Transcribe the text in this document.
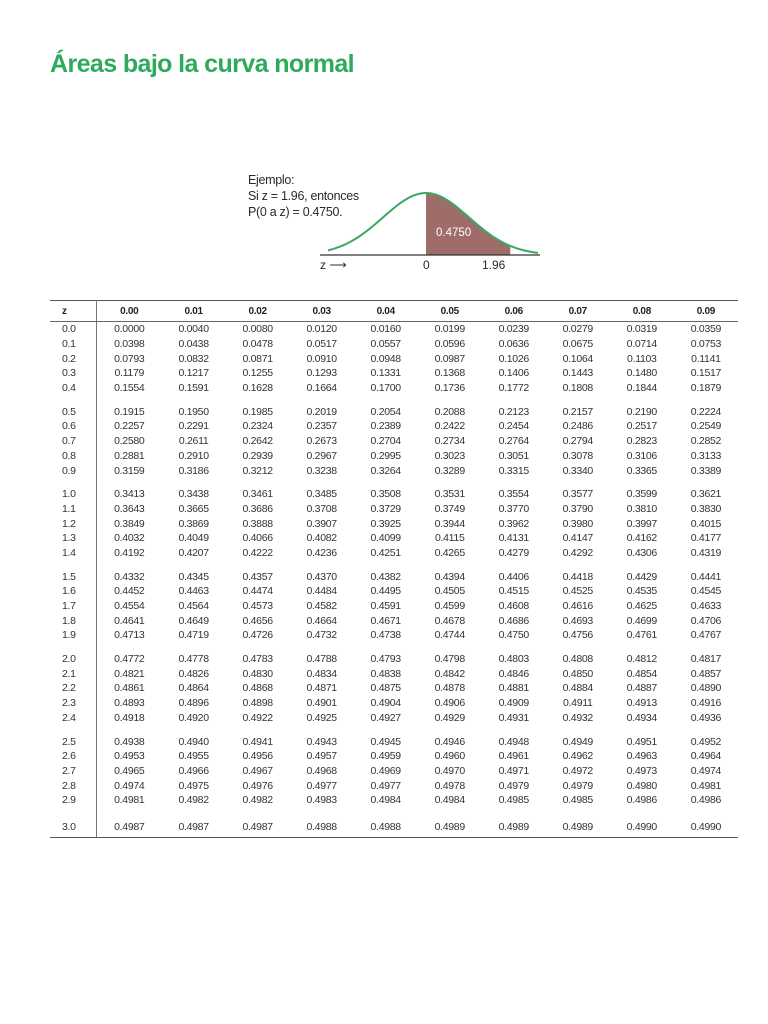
Áreas bajo la curva normal
Ejemplo:
Si z = 1.96, entonces
P(0 a z) = 0.4750.
0.4750
z ⟶	0	1.96
z	0.00	0.01	0.02	0.03	0.04	0.05	0.06	0.07	0.08	0.09
0.0	0.0000	0.0040	0.0080	0.0120	0.0160	0.0199	0.0239	0.0279	0.0319	0.0359
0.1	0.0398	0.0438	0.0478	0.0517	0.0557	0.0596	0.0636	0.0675	0.0714	0.0753
0.2	0.0793	0.0832	0.0871	0.0910	0.0948	0.0987	0.1026	0.1064	0.1103	0.1141
0.3	0.1179	0.1217	0.1255	0.1293	0.1331	0.1368	0.1406	0.1443	0.1480	0.1517
0.4	0.1554	0.1591	0.1628	0.1664	0.1700	0.1736	0.1772	0.1808	0.1844	0.1879

0.5	0.1915	0.1950	0.1985	0.2019	0.2054	0.2088	0.2123	0.2157	0.2190	0.2224
0.6	0.2257	0.2291	0.2324	0.2357	0.2389	0.2422	0.2454	0.2486	0.2517	0.2549
0.7	0.2580	0.2611	0.2642	0.2673	0.2704	0.2734	0.2764	0.2794	0.2823	0.2852
0.8	0.2881	0.2910	0.2939	0.2967	0.2995	0.3023	0.3051	0.3078	0.3106	0.3133
0.9	0.3159	0.3186	0.3212	0.3238	0.3264	0.3289	0.3315	0.3340	0.3365	0.3389

1.0	0.3413	0.3438	0.3461	0.3485	0.3508	0.3531	0.3554	0.3577	0.3599	0.3621
1.1	0.3643	0.3665	0.3686	0.3708	0.3729	0.3749	0.3770	0.3790	0.3810	0.3830
1.2	0.3849	0.3869	0.3888	0.3907	0.3925	0.3944	0.3962	0.3980	0.3997	0.4015
1.3	0.4032	0.4049	0.4066	0.4082	0.4099	0.4115	0.4131	0.4147	0.4162	0.4177
1.4	0.4192	0.4207	0.4222	0.4236	0.4251	0.4265	0.4279	0.4292	0.4306	0.4319

1.5	0.4332	0.4345	0.4357	0.4370	0.4382	0.4394	0.4406	0.4418	0.4429	0.4441
1.6	0.4452	0.4463	0.4474	0.4484	0.4495	0.4505	0.4515	0.4525	0.4535	0.4545
1.7	0.4554	0.4564	0.4573	0.4582	0.4591	0.4599	0.4608	0.4616	0.4625	0.4633
1.8	0.4641	0.4649	0.4656	0.4664	0.4671	0.4678	0.4686	0.4693	0.4699	0.4706
1.9	0.4713	0.4719	0.4726	0.4732	0.4738	0.4744	0.4750	0.4756	0.4761	0.4767

2.0	0.4772	0.4778	0.4783	0.4788	0.4793	0.4798	0.4803	0.4808	0.4812	0.4817
2.1	0.4821	0.4826	0.4830	0.4834	0.4838	0.4842	0.4846	0.4850	0.4854	0.4857
2.2	0.4861	0.4864	0.4868	0.4871	0.4875	0.4878	0.4881	0.4884	0.4887	0.4890
2.3	0.4893	0.4896	0.4898	0.4901	0.4904	0.4906	0.4909	0.4911	0.4913	0.4916
2.4	0.4918	0.4920	0.4922	0.4925	0.4927	0.4929	0.4931	0.4932	0.4934	0.4936

2.5	0.4938	0.4940	0.4941	0.4943	0.4945	0.4946	0.4948	0.4949	0.4951	0.4952
2.6	0.4953	0.4955	0.4956	0.4957	0.4959	0.4960	0.4961	0.4962	0.4963	0.4964
2.7	0.4965	0.4966	0.4967	0.4968	0.4969	0.4970	0.4971	0.4972	0.4973	0.4974
2.8	0.4974	0.4975	0.4976	0.4977	0.4977	0.4978	0.4979	0.4979	0.4980	0.4981
2.9	0.4981	0.4982	0.4982	0.4983	0.4984	0.4984	0.4985	0.4985	0.4986	0.4986

3.0	0.4987	0.4987	0.4987	0.4988	0.4988	0.4989	0.4989	0.4989	0.4990	0.4990
